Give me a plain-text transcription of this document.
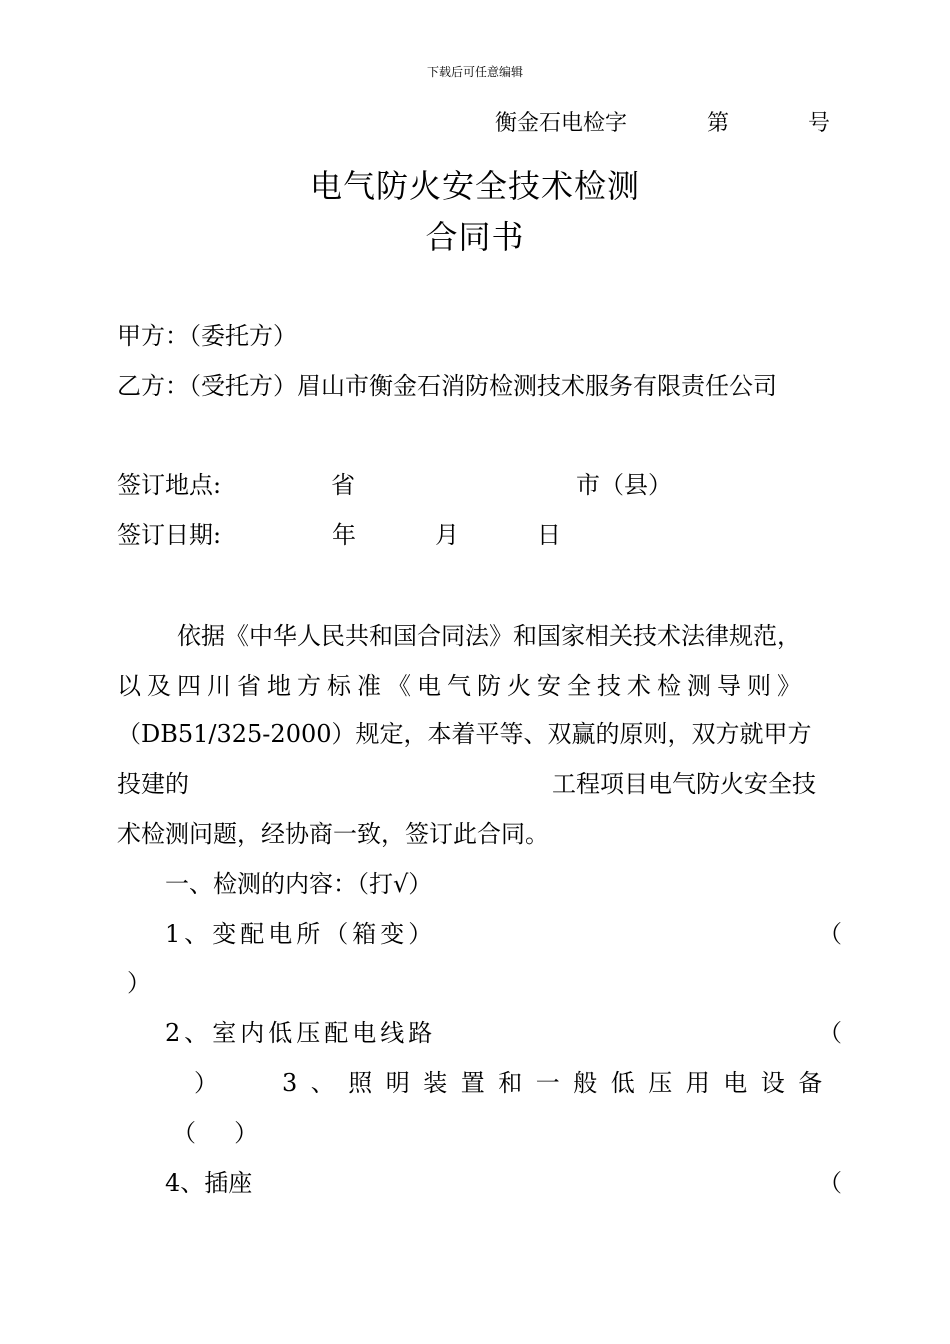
下载后可任意编辑
衡金石电检字	第	号
电气防火安全技术检测
合同书
甲方：（委托方）
乙方：（受托方）眉山市衡金石消防检测技术服务有限责任公司
签订地点:	省	市（县）
签订日期:	年	月	日
依据《中华人民共和国合同法》和国家相关技术法律规范，
以及四川省地方标准《电气防火安全技术检测导则》
（DB51/325-2000）规定，本着平等、双赢的原则，双方就甲方
投建的	工程项目电气防火安全技
术检测问题，经协商一致，签订此合同。
一、检测的内容：（打√）
1、变配电所（箱变）	（
）
2、室内低压配电线路	（
）	3、照明装置和一般低压用电设备
（     ）
4、插座	（
